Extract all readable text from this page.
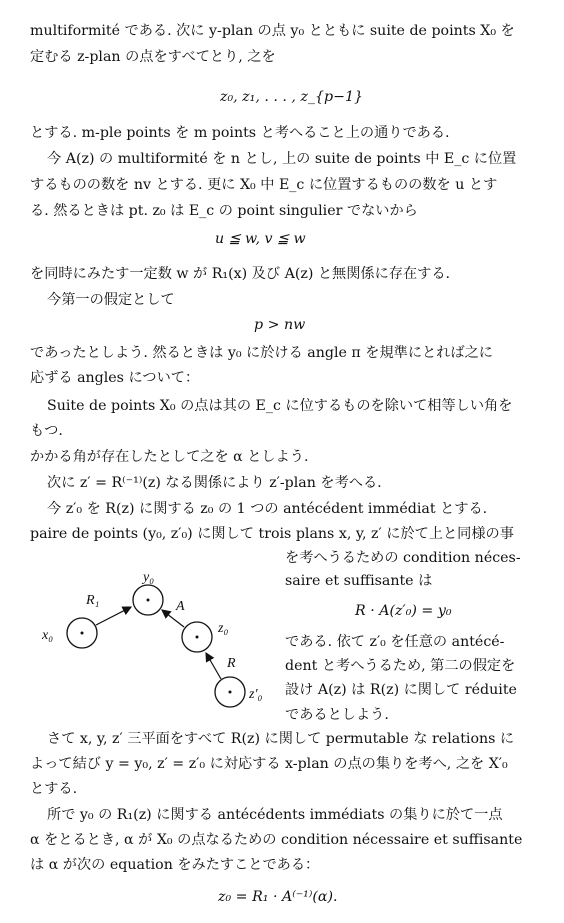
multiformité である. 次に y-plan の点 y₀ とともに suite de points X₀ を
定むる z-plan の点をすべてとり, 之を
z₀, z₁, . . . , z_{p−1}
とする. m-ple points を m points と考へること上の通りである.
今 A(z) の multiformité を n とし, 上の suite de points 中 E_c に位置
するものの数を nv とする. 更に X₀ 中 E_c に位置するものの数を u とす
る. 然るときは pt. z₀ は E_c の point singulier でないから
u ≦ w, v ≦ w
を同時にみたす一定数 w が R₁(x) 及び A(z) と無関係に存在する.
今第一の假定として
p > nw
であったとしよう. 然るときは y₀ に於ける angle π を規準にとれば之に
応ずる angles について：
Suite de points X₀ の点は其の E_c に位するものを除いて相等しい角を
もつ.
かかる角が存在したとして之を α としよう.
次に z′ = R⁽⁻¹⁾(z) なる関係により z′-plan を考へる.
今 z′₀ を R(z) に関する z₀ の 1 つの antécédent immédiat とする.
paire de points (y₀, z′₀) に関して trois plans x, y, z′ に於て上と同様の事
を考へうるための condition néces-
saire et suffisante は
R · A(z′₀) = y₀
である. 依て z′₀ を任意の antécé-
dent と考へうるため, 第二の假定を
設け A(z) は R(z) に関して réduite
であるとしよう.
さて x, y, z′ 三平面をすべて R(z) に関して permutable な relations に
よって結び y = y₀, z′ = z′₀ に対応する x-plan の点の集りを考へ, 之を X′₀
とする.
所で y₀ の R₁(z) に関する antécédents immédiats の集りに於て一点
α をとるとき, α が X₀ の点なるための condition nécessaire et suffisante
は α が次の equation をみたすことである：
z₀ = R₁ · A⁽⁻¹⁾(α).
y₀
R₁	A
x₀	z₀
R
z′₀
